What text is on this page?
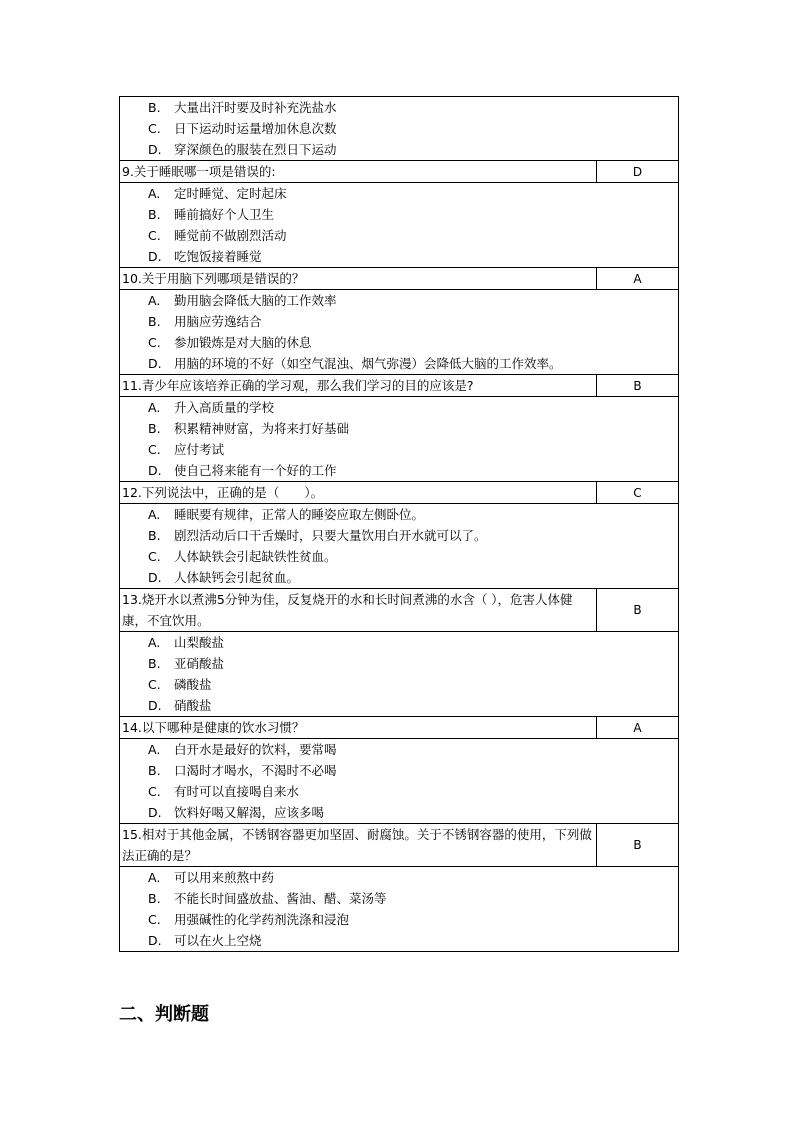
B. 大量出汗时要及时补充洗盐水
C. 日下运动时运量增加休息次数
D. 穿深颜色的服装在烈日下运动	

9.关于睡眠哪一项是错误的:	D

A. 定时睡觉、定时起床
B. 睡前搞好个人卫生
C. 睡觉前不做剧烈活动
D. 吃饱饭接着睡觉	

10.关于用脑下列哪项是错误的？	A

A. 勤用脑会降低大脑的工作效率
B. 用脑应劳逸结合
C. 参加锻炼是对大脑的休息
D. 用脑的环境的不好（如空气混浊、烟气弥漫）会降低大脑的工作效率。	

11.青少年应该培养正确的学习观，那么我们学习的目的应该是?	B

A. 升入高质量的学校
B. 积累精神财富，为将来打好基础
C. 应付考试
D. 使自己将来能有一个好的工作	

12.下列说法中，正确的是（　　）。	C

A. 睡眠要有规律，正常人的睡姿应取左侧卧位。
B. 剧烈活动后口干舌燥时，只要大量饮用白开水就可以了。
C. 人体缺铁会引起缺铁性贫血。
D. 人体缺钙会引起贫血。	

13.烧开水以煮沸5分钟为佳，反复烧开的水和长时间煮沸的水含（ ），危害人体健康，不宜饮用。	B

A. 山梨酸盐
B. 亚硝酸盐
C. 磷酸盐
D. 硝酸盐	

14.以下哪种是健康的饮水习惯？	A

A. 白开水是最好的饮料，要常喝
B. 口渴时才喝水，不渴时不必喝
C. 有时可以直接喝自来水
D. 饮料好喝又解渴，应该多喝	

15.相对于其他金属，不锈钢容器更加坚固、耐腐蚀。关于不锈钢容器的使用，下列做法正确的是？	B

A. 可以用来煎熬中药
B. 不能长时间盛放盐、酱油、醋、菜汤等
C. 用强碱性的化学药剂洗涤和浸泡
D. 可以在火上空烧	
二、判断题
